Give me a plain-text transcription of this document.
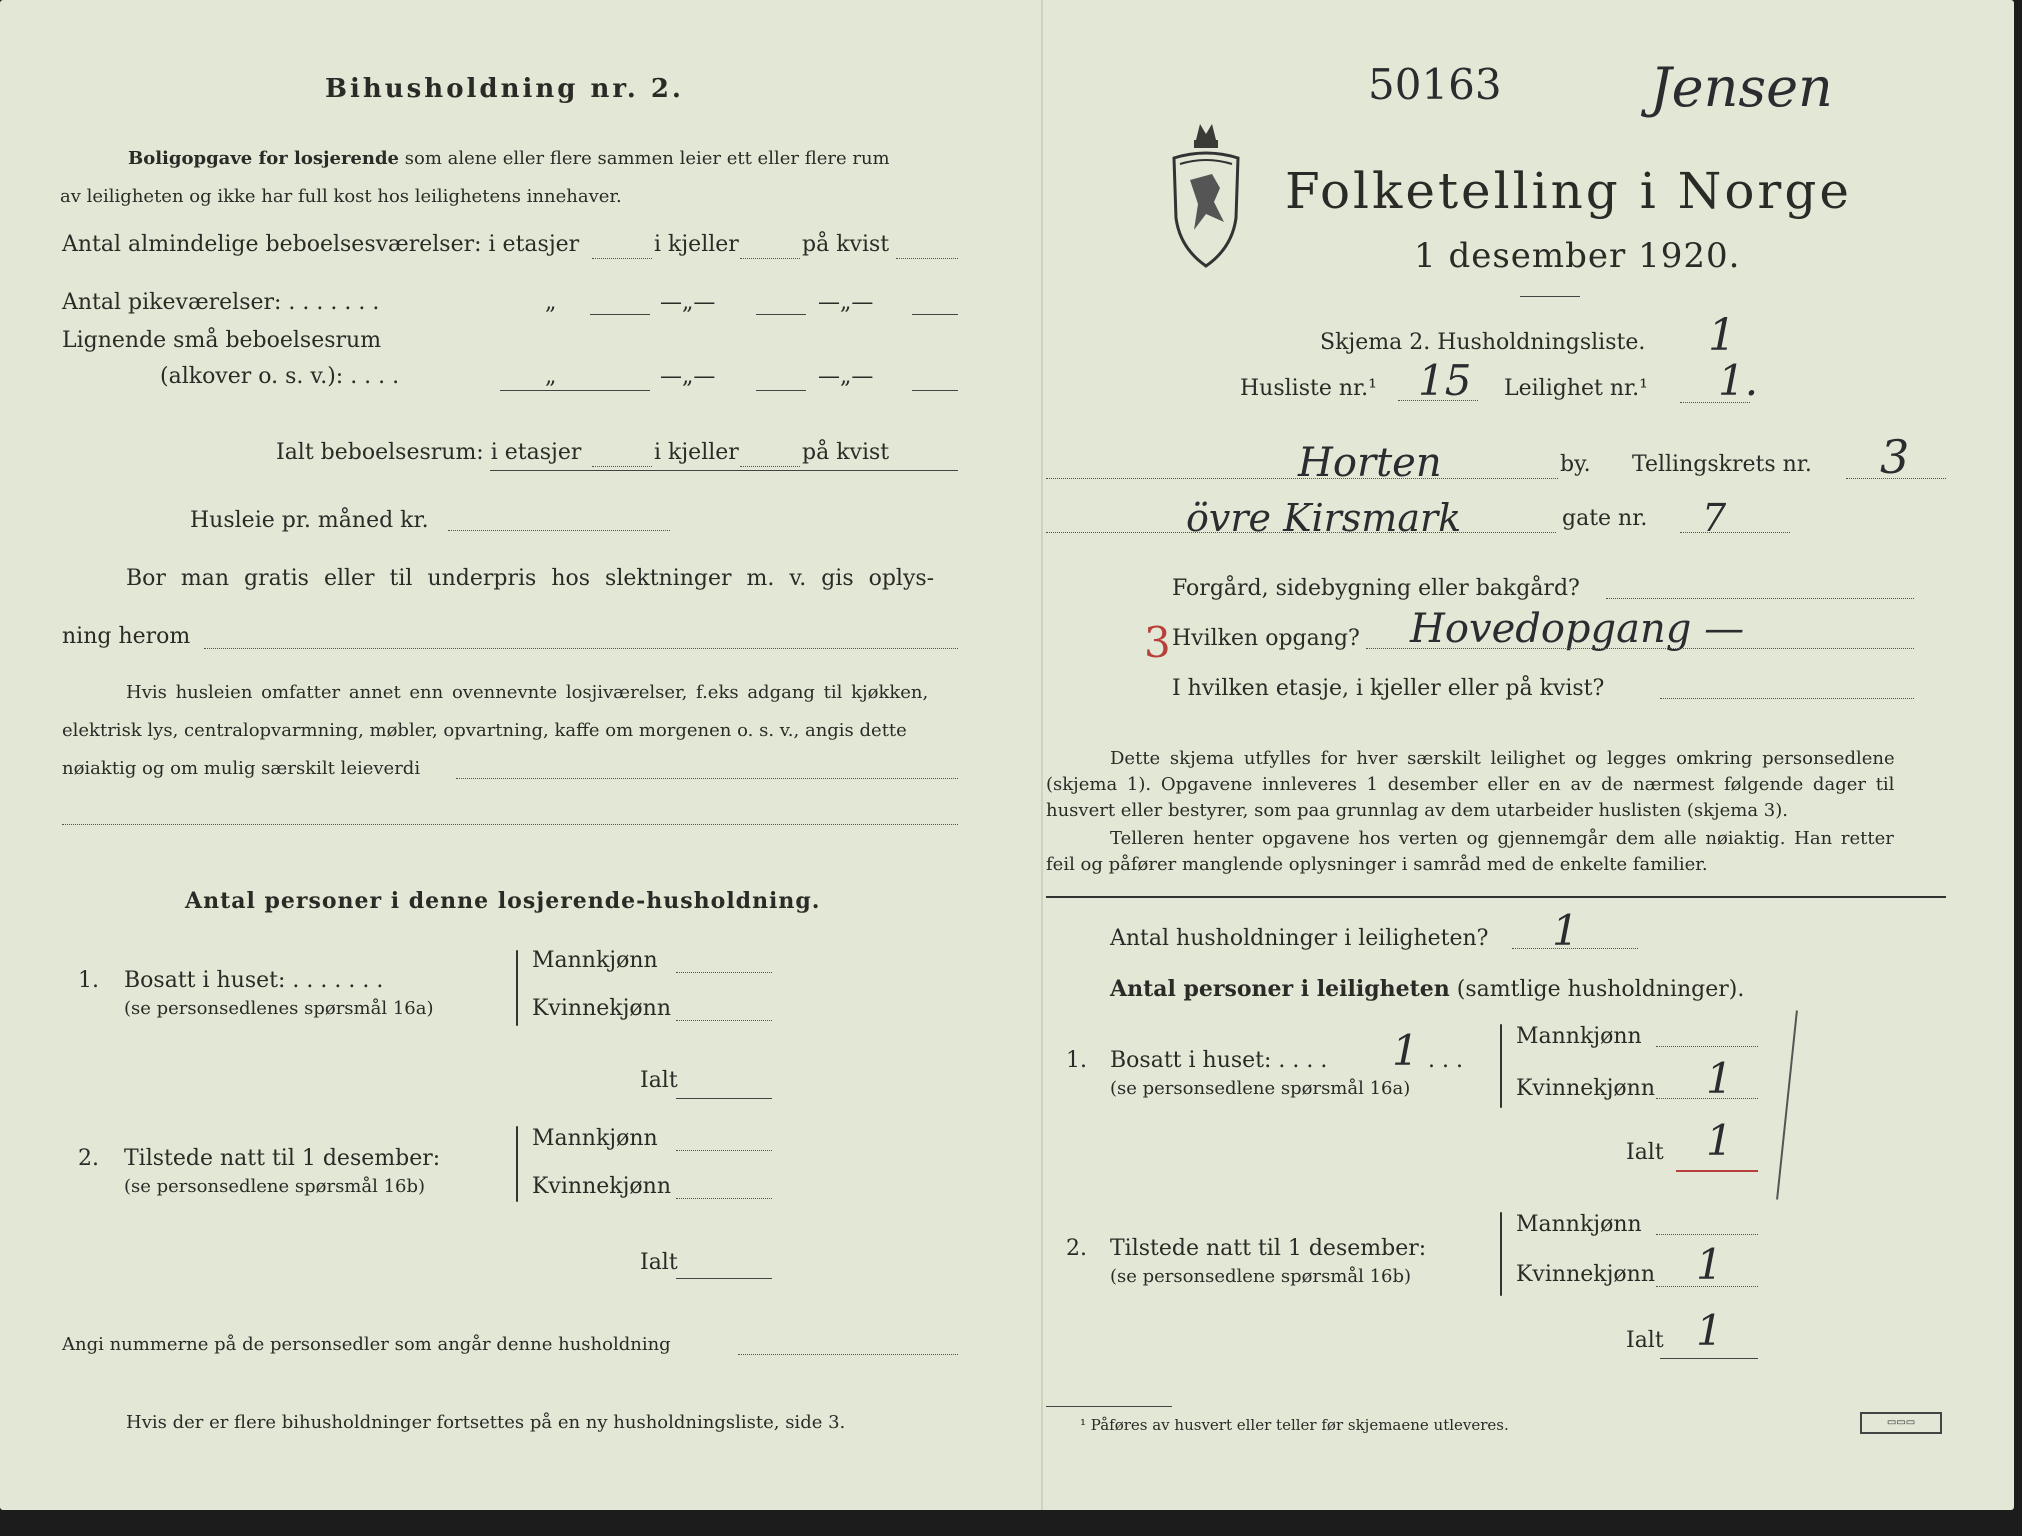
Bihusholdning nr. 2.
Boligopgave for losjerende som alene eller flere sammen leier ett eller flere rum
av leiligheten og ikke har full kost hos leilighetens innehaver.
Antal almindelige beboelsesværelser: i etasjer	i kjeller	på kvist
Antal pikeværelser: . . . . . . .	„	—„—	—„—
Lignende små beboelsesrum
(alkover o. s. v.): . . . .	„	—„—	—„—
Ialt beboelsesrum: i etasjer	i kjeller	på kvist
Husleie pr. måned kr.
Bor man gratis eller til underpris hos slektninger m. v. gis oplys-
ning herom
Hvis husleien omfatter annet enn ovennevnte losjiværelser, f.eks adgang til kjøkken,
elektrisk lys, centralopvarmning, møbler, opvartning, kaffe om morgenen o. s. v., angis dette
nøiaktig og om mulig særskilt leieverdi
Antal personer i denne losjerende-husholdning.
1. Bosatt i huset: . . . . . . .
(se personsedlenes spørsmål 16a)
Mannkjønn
Kvinnekjønn
Ialt
2. Tilstede natt til 1 desember:
(se personsedlene spørsmål 16b)
Mannkjønn
Kvinnekjønn
Ialt
Angi nummerne på de personsedler som angår denne husholdning
Hvis der er flere bihusholdninger fortsettes på en ny husholdningsliste, side 3.
50163	Jensen
Folketelling i Norge
1 desember 1920.
Skjema 2. Husholdningsliste. 1
Husliste nr.¹ 15 Leilighet nr.¹ 1.
Horten	by. Tellingskrets nr. 3
övre Kirsmark	gate nr. 7
Forgård, sidebygning eller bakgård?
3 Hvilken opgang? Hovedopgang —
I hvilken etasje, i kjeller eller på kvist?
Dette skjema utfylles for hver særskilt leilighet og legges omkring personsedlene
(skjema 1). Opgavene innleveres 1 desember eller en av de nærmest følgende dager til
husvert eller bestyrer, som paa grunnlag av dem utarbeider huslisten (skjema 3).
Telleren henter opgavene hos verten og gjennemgår dem alle nøiaktig. Han retter
feil og påfører manglende oplysninger i samråd med de enkelte familier.
Antal husholdninger i leiligheten? 1
Antal personer i leiligheten (samtlige husholdninger).
1. Bosatt i huset: . . . . 1 . . .
(se personsedlene spørsmål 16a)
Mannkjønn
Kvinnekjønn 1
Ialt 1
2. Tilstede natt til 1 desember:
(se personsedlene spørsmål 16b)
Mannkjønn
Kvinnekjønn 1
Ialt 1
¹ Påføres av husvert eller teller før skjemaene utleveres.	▭▭▭
